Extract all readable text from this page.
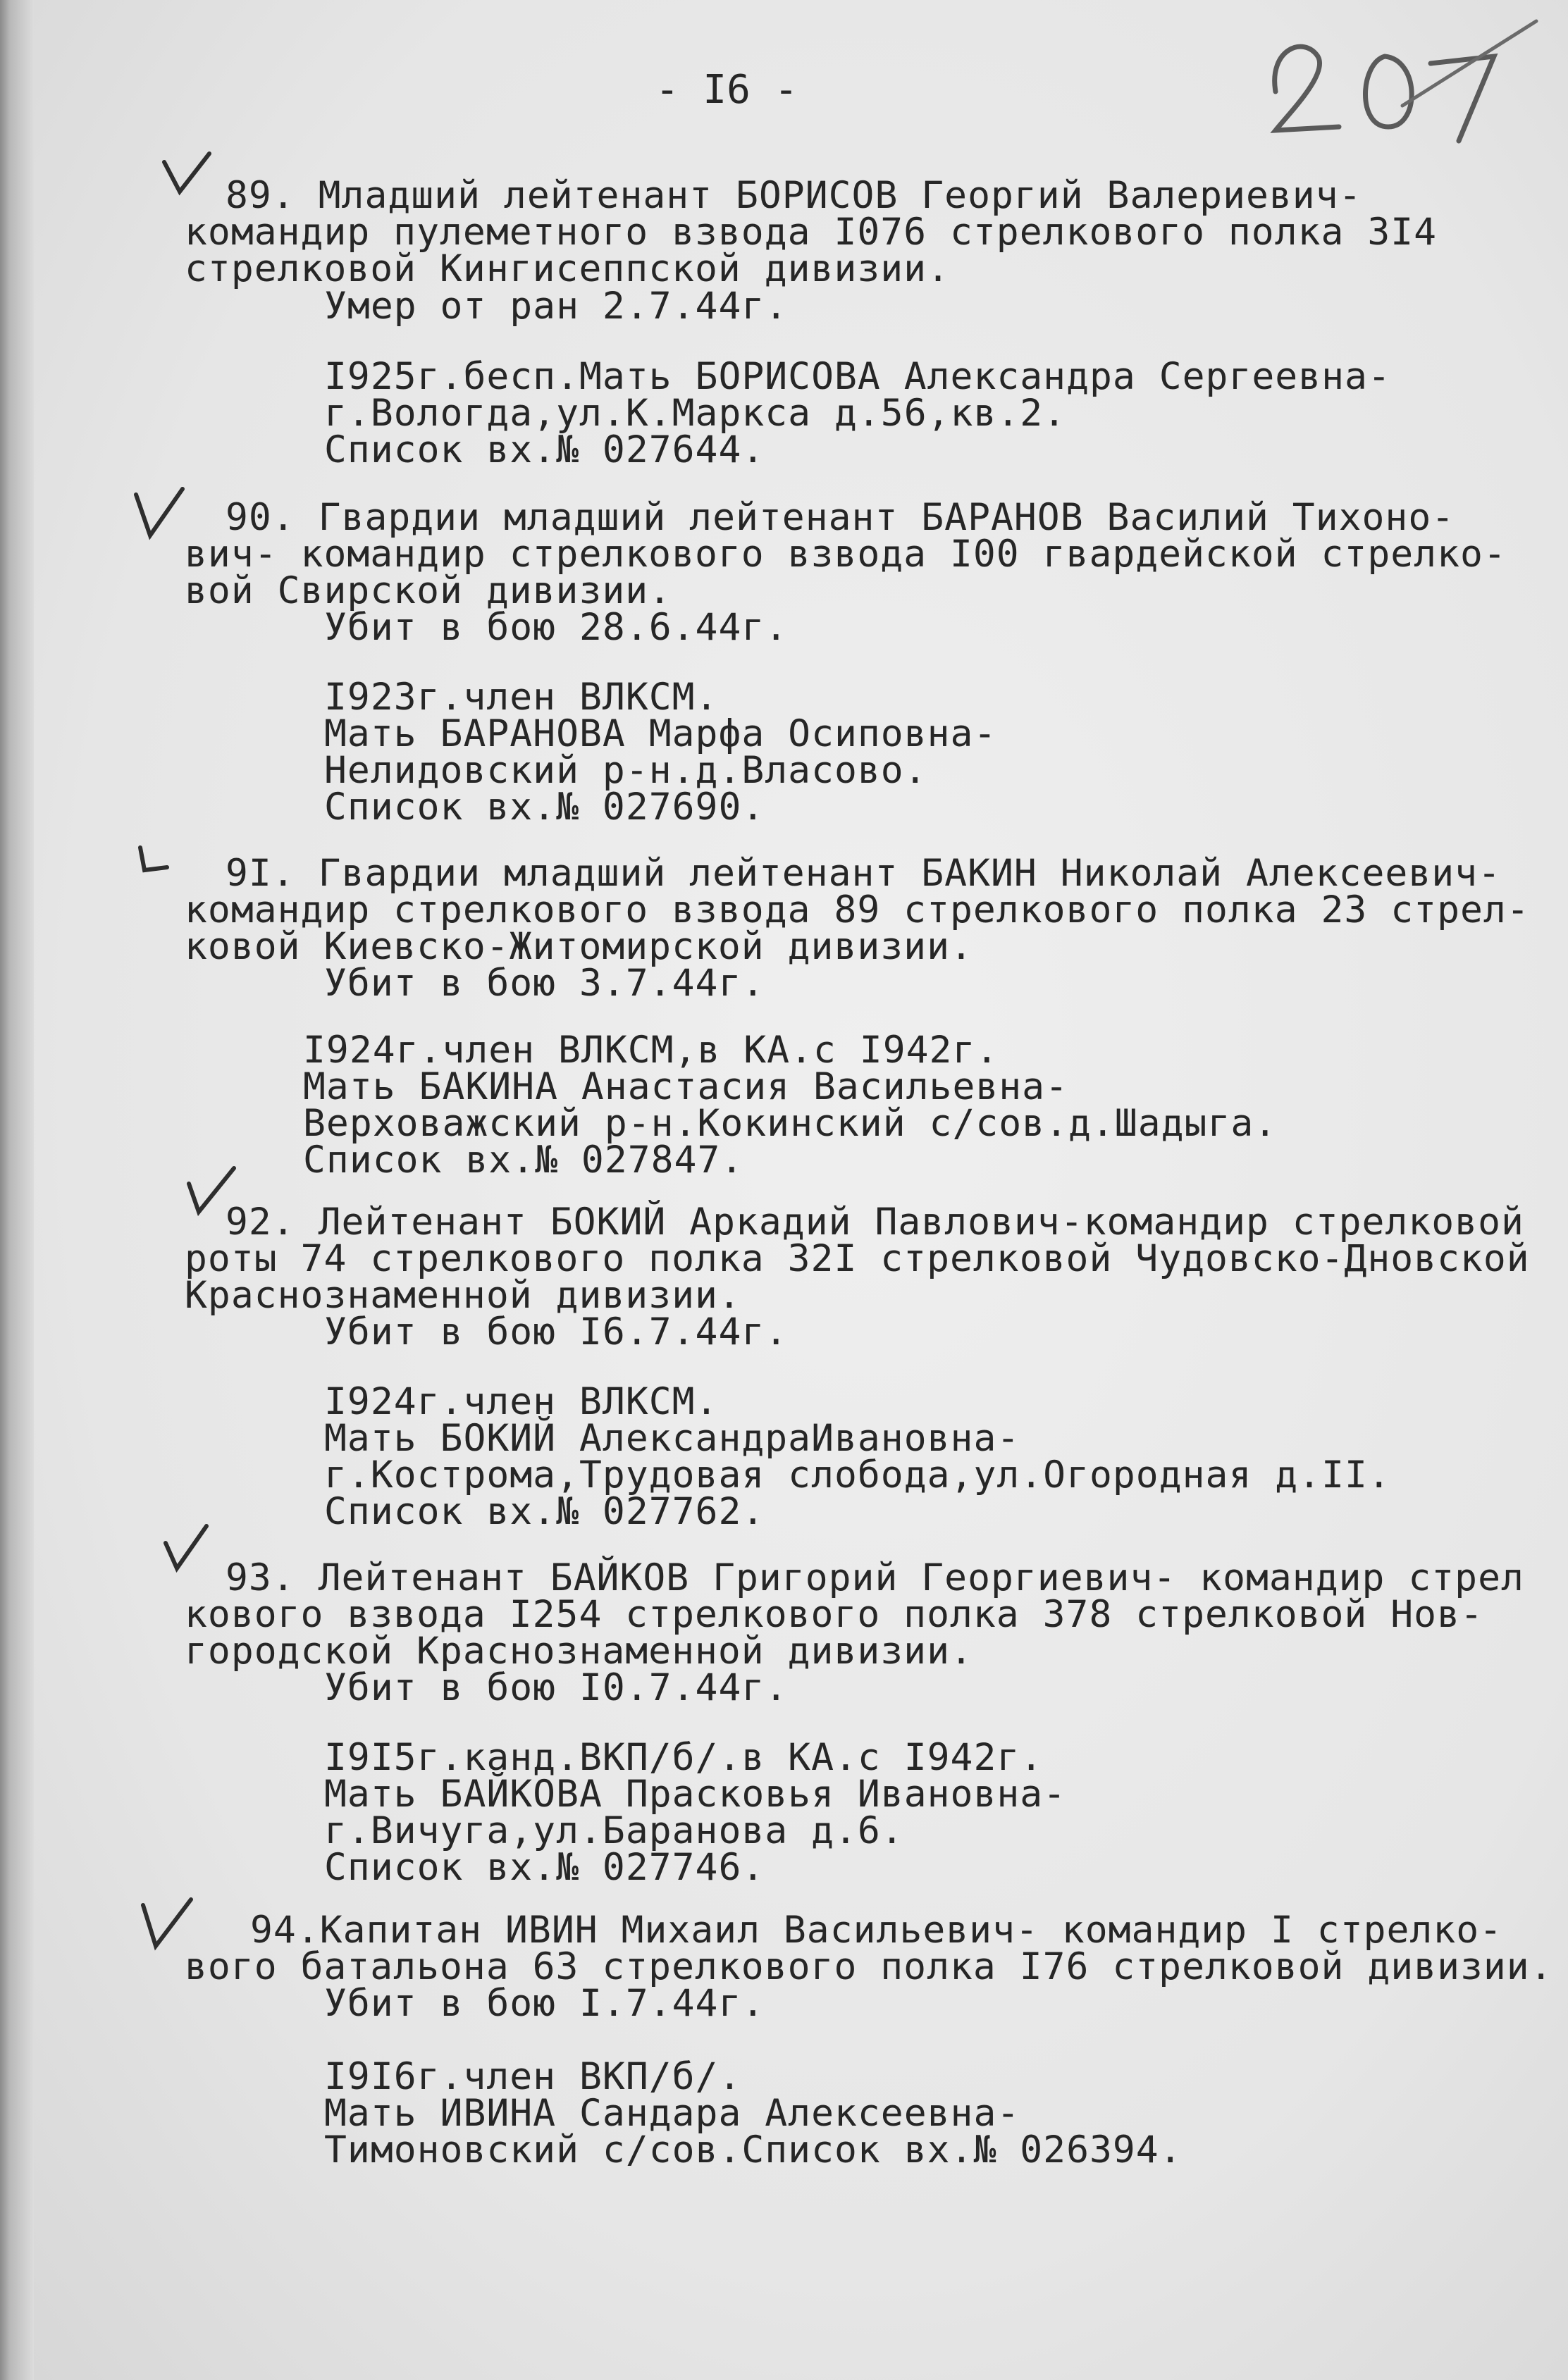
- I6 -
89. Младший лейтенант БОРИСОВ Георгий Валериевич-
командир пулеметного взвода I076 стрелкового полка 3I4
стрелковой Кингисеппской дивизии.
Умер от ран 2.7.44г.
I925г.бесп.Мать БОРИСОВА Александра Сергеевна-
г.Вологда,ул.К.Маркса д.56,кв.2.
Список вх.№ 027644.
90. Гвардии младший лейтенант БАРАНОВ Василий Тихоно-
вич- командир стрелкового взвода I00 гвардейской стрелко-
вой Свирской дивизии.
Убит в бою 28.6.44г.
I923г.член ВЛКСМ.
Мать БАРАНОВА Марфа Осиповна-
Нелидовский р-н.д.Власово.
Список вх.№ 027690.
9I. Гвардии младший лейтенант БАКИН Николай Алексеевич-
командир стрелкового взвода 89 стрелкового полка 23 стрел-
ковой Киевско-Житомирской дивизии.
Убит в бою 3.7.44г.
I924г.член ВЛКСМ,в КА.с I942г.
Мать БАКИНА Анастасия Васильевна-
Верховажский р-н.Кокинский с/сов.д.Шадыга.
Список вх.№ 027847.
92. Лейтенант БОКИЙ Аркадий Павлович-командир стрелковой
роты 74 стрелкового полка 32I стрелковой Чудовско-Дновской
Краснознаменной дивизии.
Убит в бою I6.7.44г.
I924г.член ВЛКСМ.
Мать БОКИЙ АлександраИвановна-
г.Кострома,Трудовая слобода,ул.Огородная д.II.
Список вх.№ 027762.
93. Лейтенант БАЙКОВ Григорий Георгиевич- командир стрел
кового взвода I254 стрелкового полка 378 стрелковой Нов-
городской Краснознаменной дивизии.
Убит в бою I0.7.44г.
I9I5г.канд.ВКП/б/.в КА.с I942г.
Мать БАЙКОВА Прасковья Ивановна-
г.Вичуга,ул.Баранова д.6.
Список вх.№ 027746.
94.Капитан ИВИН Михаил Васильевич- командир I стрелко-
вого батальона 63 стрелкового полка I76 стрелковой дивизии.
Убит в бою I.7.44г.
I9I6г.член ВКП/б/.
Мать ИВИНА Сандара Алексеевна-
Тимоновский с/сов.Список вх.№ 026394.
